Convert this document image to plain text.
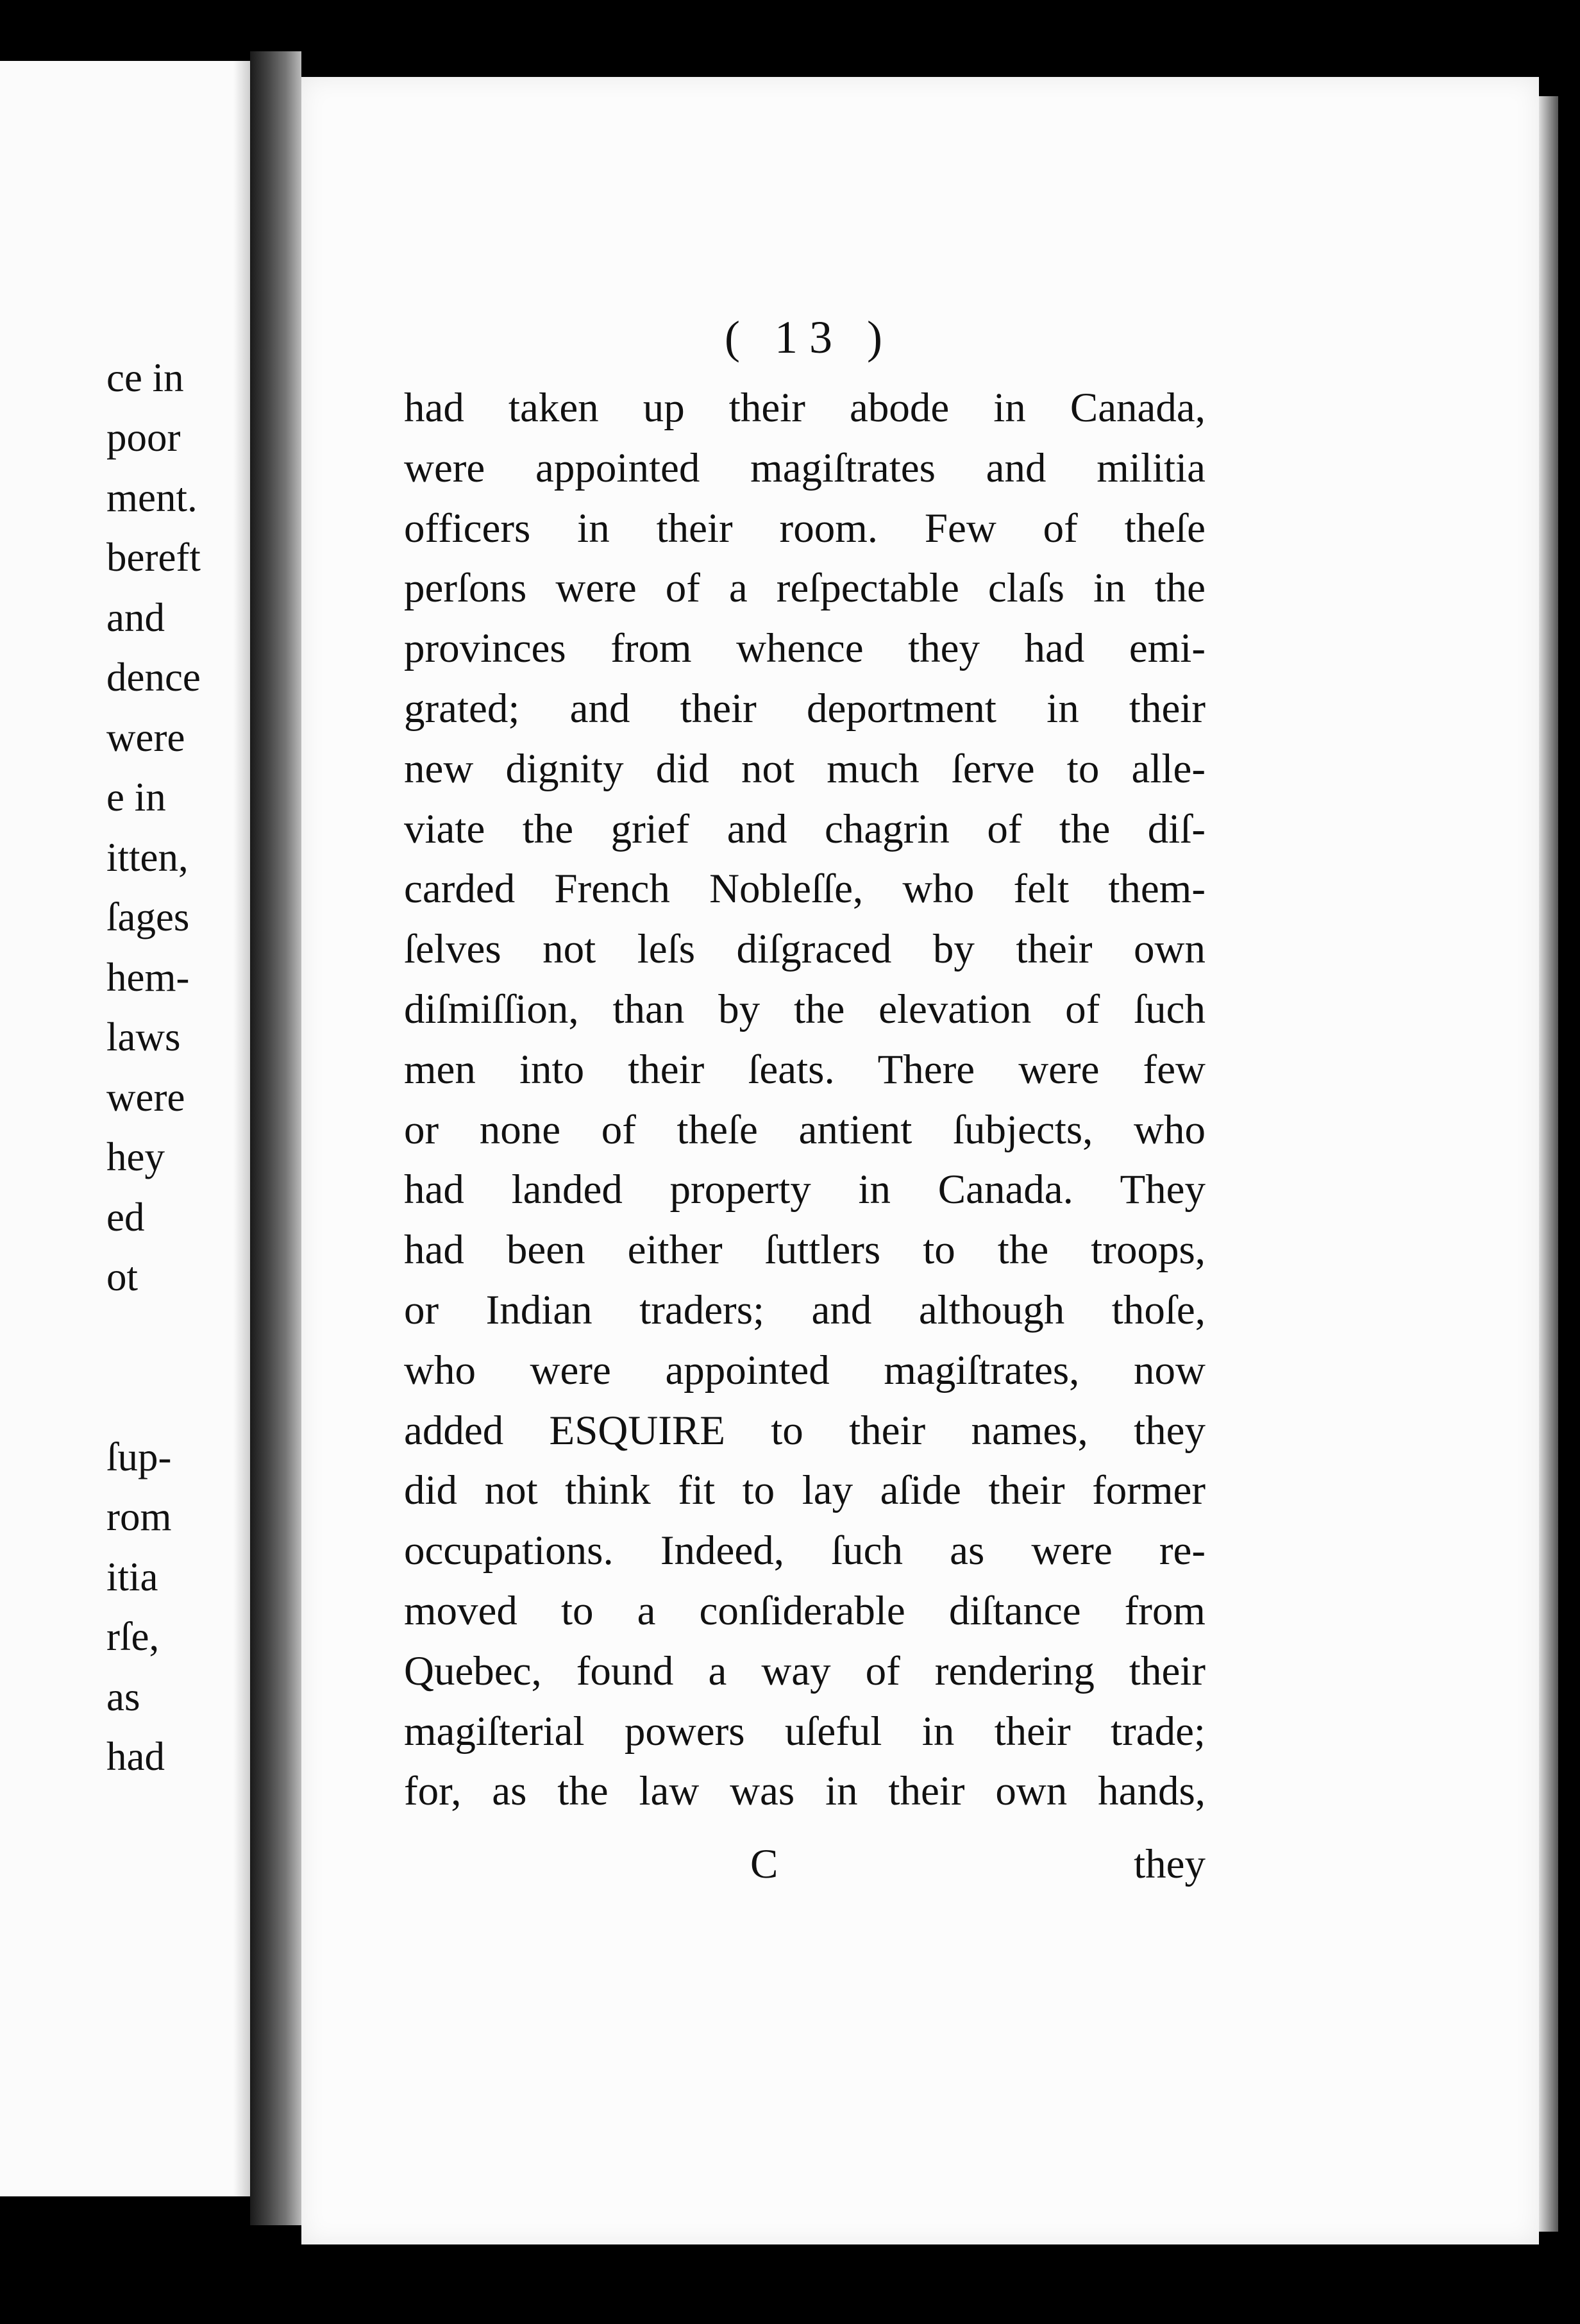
ce in
poor
ment.
bereft
and
dence
were
e in
itten,
ſages
hem-
laws
were
hey
ed
ot
ſup-
rom
itia
rſe,
as
had
( 13 )
had taken up their abode in Canada,
were appointed magiſtrates and militia
officers in their room. Few of theſe
perſons were of a reſpectable claſs in the
provinces from whence they had emi-
grated; and their deportment in their
new dignity did not much ſerve to alle-
viate the grief and chagrin of the diſ-
carded French Nobleſſe, who felt them-
ſelves not leſs diſgraced by their own
diſmiſſion, than by the elevation of ſuch
men into their ſeats. There were few
or none of theſe antient ſubjects, who
had landed property in Canada. They
had been either ſuttlers to the troops,
or Indian traders; and although thoſe,
who were appointed magiſtrates, now
added ESQUIRE to their names, they
did not think fit to lay aſide their former
occupations. Indeed, ſuch as were re-
moved to a conſiderable diſtance from
Quebec, found a way of rendering their
magiſterial powers uſeful in their trade;
for, as the law was in their own hands,
C	they
